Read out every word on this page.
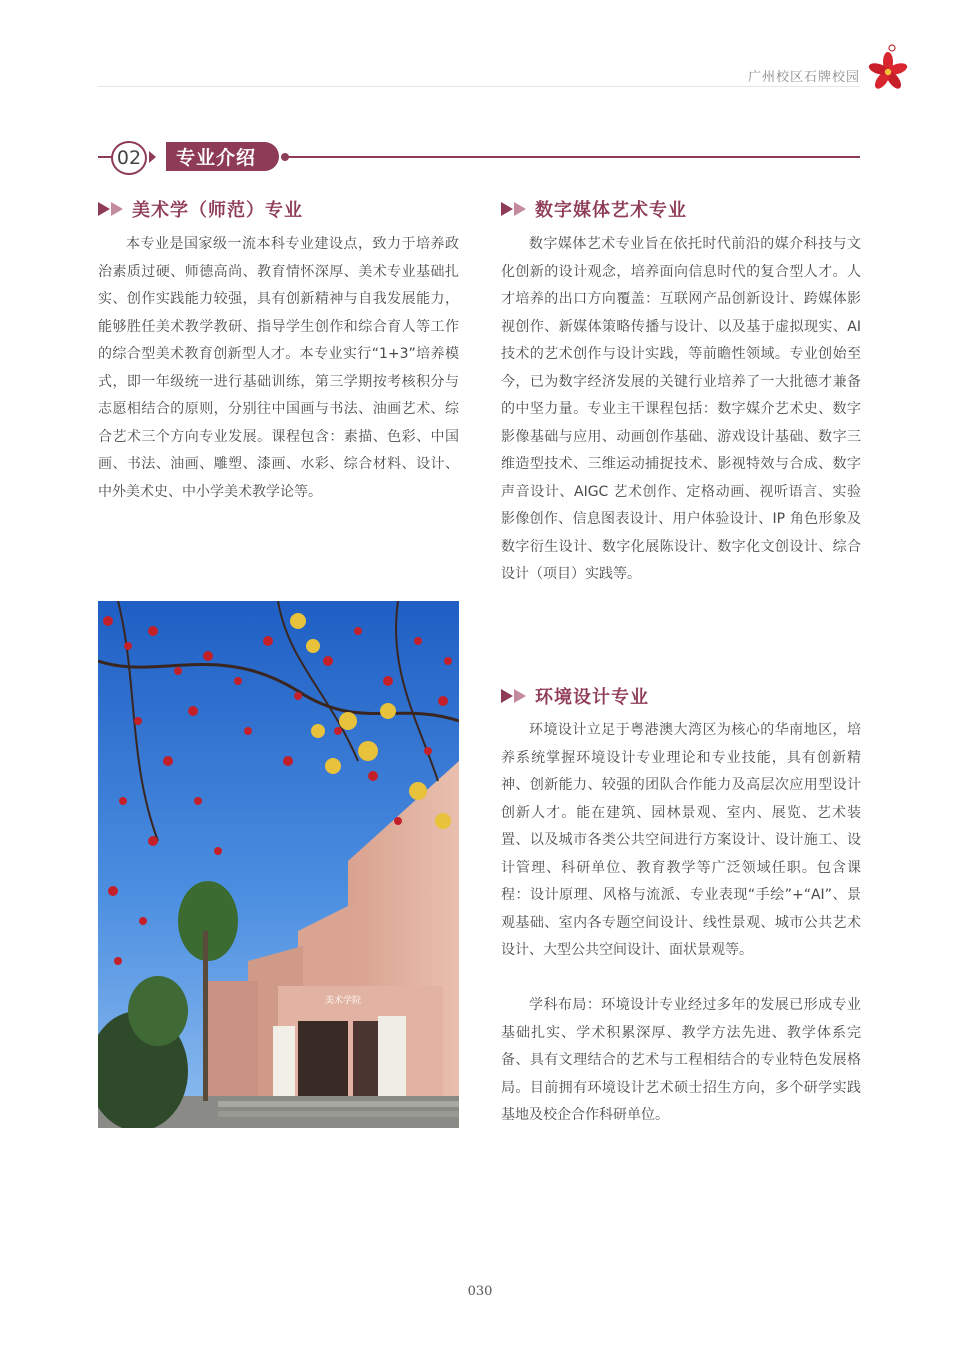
广州校区石牌校园
02	专业介绍
美术学（师范）专业

本专业是国家级一流本科专业建设点，致力于培养政治素质过硬、师德高尚、教育情怀深厚、美术专业基础扎实、创作实践能力较强，具有创新精神与自我发展能力，能够胜任美术教学教研、指导学生创作和综合育人等工作的综合型美术教育创新型人才。本专业实行“1+3”培养模式，即一年级统一进行基础训练，第三学期按考核积分与志愿相结合的原则，分别往中国画与书法、油画艺术、综合艺术三个方向专业发展。课程包含：素描、色彩、中国画、书法、油画、雕塑、漆画、水彩、综合材料、设计、中外美术史、中小学美术教学论等。

数字媒体艺术专业

数字媒体艺术专业旨在依托时代前沿的媒介科技与文化创新的设计观念，培养面向信息时代的复合型人才。人才培养的出口方向覆盖：互联网产品创新设计、跨媒体影视创作、新媒体策略传播与设计、以及基于虚拟现实、AI 技术的艺术创作与设计实践，等前瞻性领域。专业创始至今，已为数字经济发展的关键行业培养了一大批德才兼备的中坚力量。专业主干课程包括：数字媒介艺术史、数字影像基础与应用、动画创作基础、游戏设计基础、数字三维造型技术、三维运动捕捉技术、影视特效与合成、数字声音设计、AIGC 艺术创作、定格动画、视听语言、实验影像创作、信息图表设计、用户体验设计、IP 角色形象及数字衍生设计、数字化展陈设计、数字化文创设计、综合设计（项目）实践等。

环境设计专业

环境设计立足于粤港澳大湾区为核心的华南地区，培养系统掌握环境设计专业理论和专业技能，具有创新精神、创新能力、较强的团队合作能力及高层次应用型设计创新人才。能在建筑、园林景观、室内、展览、艺术装置、以及城市各类公共空间进行方案设计、设计施工、设计管理、科研单位、教育教学等广泛领域任职。包含课程：设计原理、风格与流派、专业表现“手绘”+“AI”、景观基础、室内各专题空间设计、线性景观、城市公共艺术设计、大型公共空间设计、面状景观等。

学科布局：环境设计专业经过多年的发展已形成专业基础扎实、学术积累深厚、教学方法先进、教学体系完备、具有文理结合的艺术与工程相结合的专业特色发展格局。目前拥有环境设计艺术硕士招生方向，多个研学实践基地及校企合作科研单位。

美术学院
030
